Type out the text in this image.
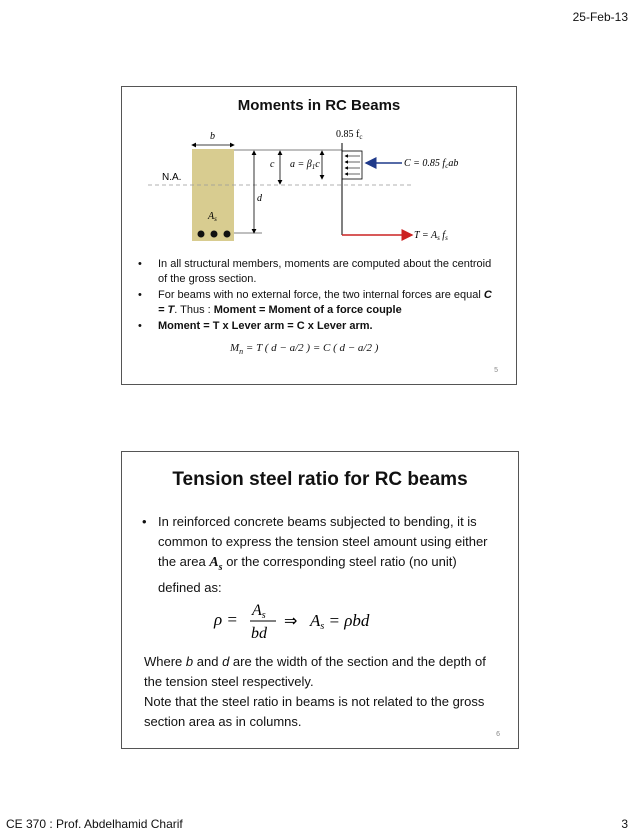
25-Feb-13
Moments in RC Beams
b
$A_s$
N.A.
c
d
$a = \beta_1c$
0.85 $f_c$
C = 0.85 $f_cab$
$T = A_s$ $f_s$
• In all structural members, moments are computed about the centroid of the gross section.
• For beams with no external force, the two internal forces are equal C = T. Thus : Moment = Moment of a force couple
• Moment = T x Lever arm = C x Lever arm.
$M_n = T$ ( d − a/2 ) = C ( d − a/2 )
5
Tension steel ratio for RC beams
• In reinforced concrete beams subjected to bending, it is common to express the tension steel amount using either the area $A_s$ or the corresponding steel ratio (no unit) defined as:
ρ = As
bd
⇒ As = ρbd

Where b and d are the width of the section and the depth of the tension steel respectively.

Note that the steel ratio in beams is not related to the gross section area as in columns.

6
CE 370 : Prof. Abdelhamid Charif	3
